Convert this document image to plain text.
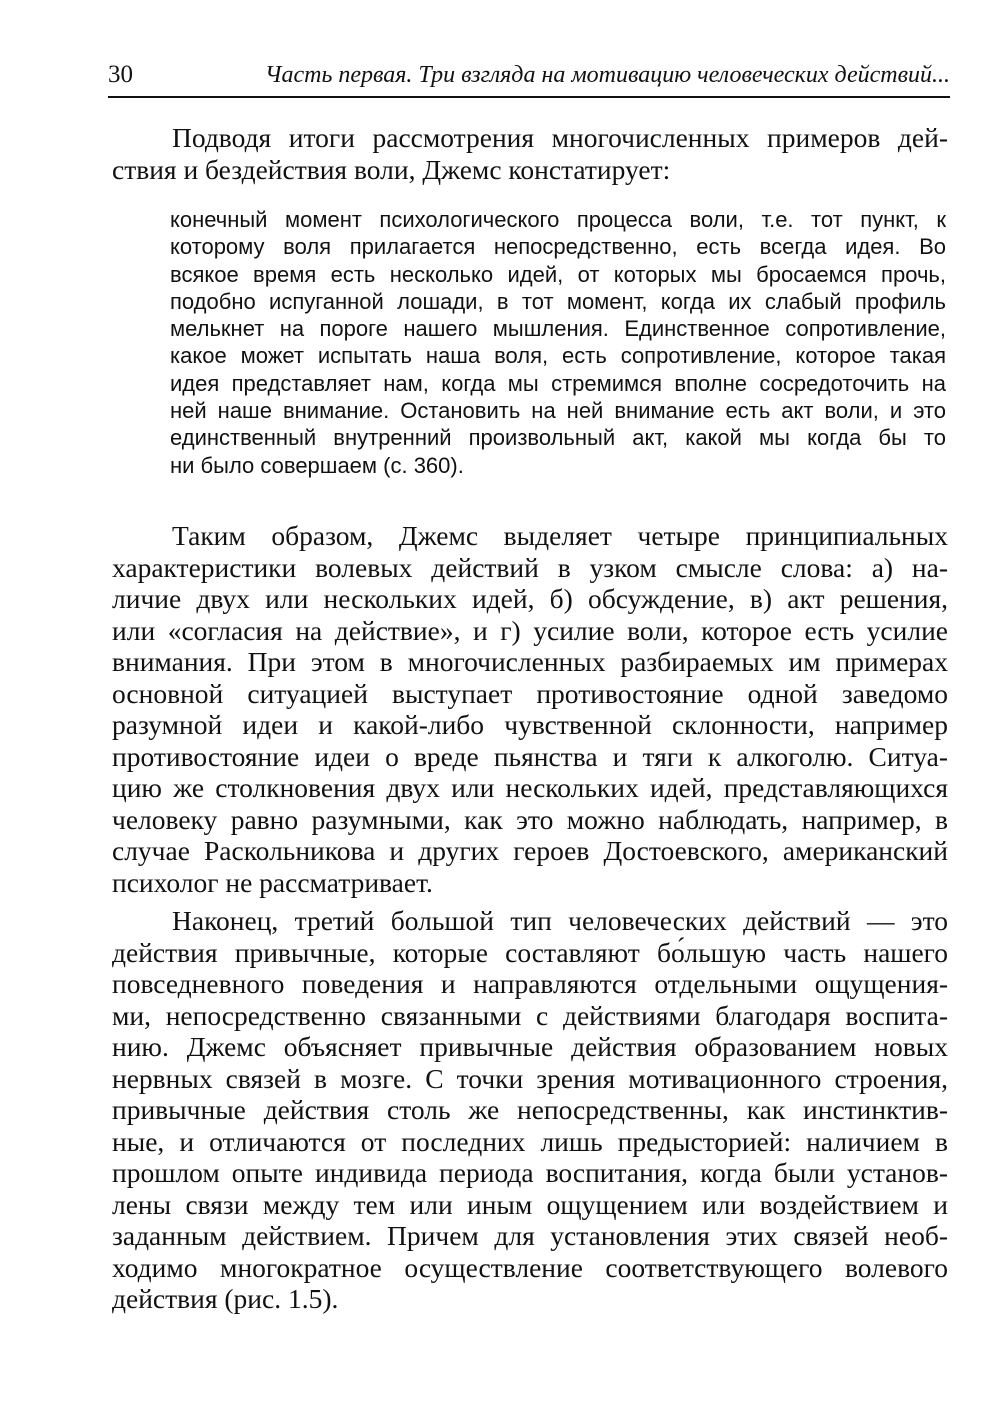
30	Часть первая. Три взгляда на мотивацию человеческих действий...

Подводя итоги рассмотрения многочисленных примеров дей-
ствия и бездействия воли, Джемс констатирует:

конечный момент психологического процесса воли, т.е. тот пункт, к
которому воля прилагается непосредственно, есть всегда идея. Во
всякое время есть несколько идей, от которых мы бросаемся прочь,
подобно испуганной лошади, в тот момент, когда их слабый профиль
мелькнет на пороге нашего мышления. Единственное сопротивление,
какое может испытать наша воля, есть сопротивление, которое такая
идея представляет нам, когда мы стремимся вполне сосредоточить на
ней наше внимание. Остановить на ней внимание есть акт воли, и это
единственный внутренний произвольный акт, какой мы когда бы то
ни было совершаем (с. 360).

Таким образом, Джемс выделяет четыре принципиальных
характеристики волевых действий в узком смысле слова: а) на-
личие двух или нескольких идей, б) обсуждение, в) акт решения,
или «согласия на действие», и г) усилие воли, которое есть усилие
внимания. При этом в многочисленных разбираемых им примерах
основной ситуацией выступает противостояние одной заведомо
разумной идеи и какой-либо чувственной склонности, например
противостояние идеи о вреде пьянства и тяги к алкоголю. Ситуа-
цию же столкновения двух или нескольких идей, представляющихся
человеку равно разумными, как это можно наблюдать, например, в
случае Раскольникова и других героев Достоевского, американский
психолог не рассматривает.

Наконец, третий большой тип человеческих действий — это
действия привычные, которые составляют бо́льшую часть нашего
повседневного поведения и направляются отдельными ощущения-
ми, непосредственно связанными с действиями благодаря воспита-
нию. Джемс объясняет привычные действия образованием новых
нервных связей в мозге. С точки зрения мотивационного строения,
привычные действия столь же непосредственны, как инстинктив-
ные, и отличаются от последних лишь предысторией: наличием в
прошлом опыте индивида периода воспитания, когда были установ-
лены связи между тем или иным ощущением или воздействием и
заданным действием. Причем для установления этих связей необ-
ходимо многократное осуществление соответствующего волевого
действия (рис. 1.5).
